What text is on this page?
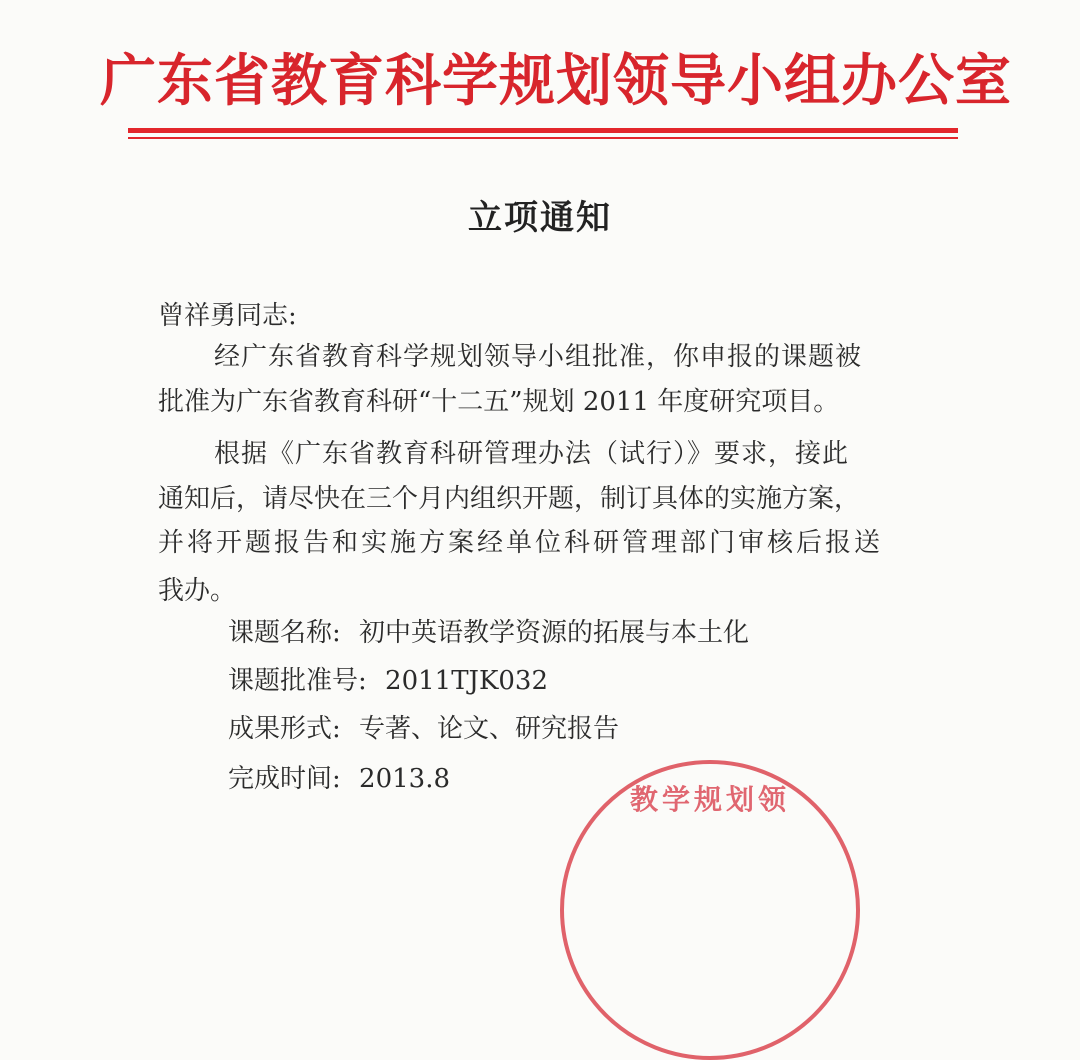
广东省教育科学规划领导小组办公室
立项通知
曾祥勇同志:
经广东省教育科学规划领导小组批准，你申报的课题被
批准为广东省教育科研“十二五”规划 2011 年度研究项目。
根据《广东省教育科研管理办法（试行）》要求，接此
通知后，请尽快在三个月内组织开题，制订具体的实施方案，
并将开题报告和实施方案经单位科研管理部门审核后报送
我办。
课题名称: 初中英语教学资源的拓展与本土化
课题批准号: 2011TJK032
成果形式: 专著、论文、研究报告
完成时间: 2013.8
教学规划领
